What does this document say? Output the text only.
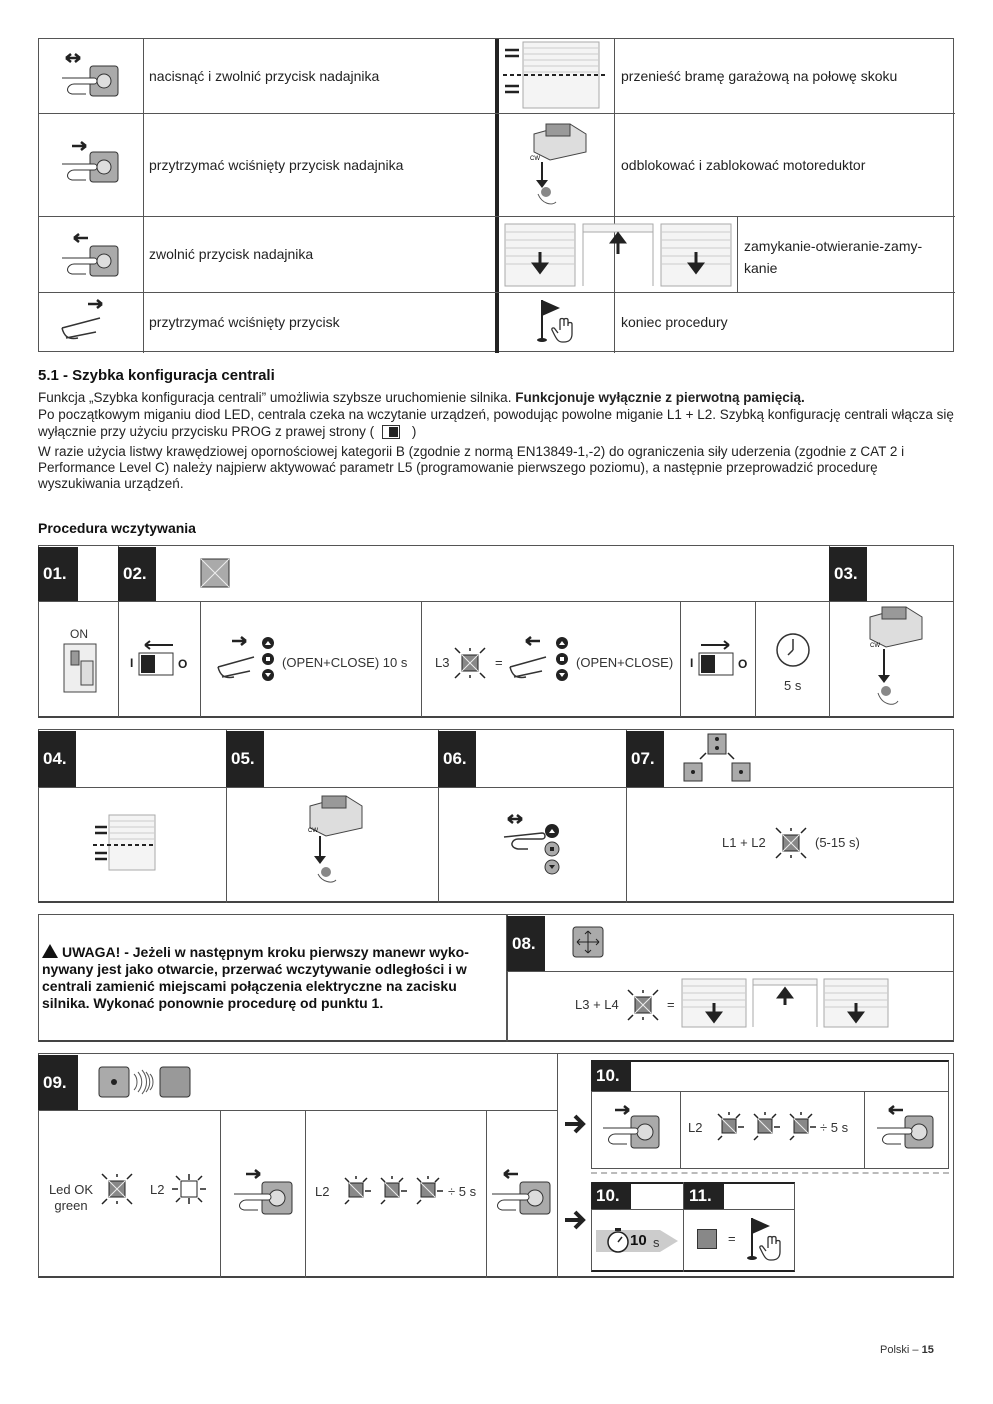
nacisnąć i zwolnić przycisk nadajnika	przenieść bramę garażową na połowę skoku
przytrzymać wciśnięty przycisk nadajnika	CW	odblokować i zablokować motoreduktor
zwolnić przycisk nadajnika	zamykanie-otwieranie-zamy-
kanie
przytrzymać wciśnięty przycisk	koniec procedury
5.1 - Szybka konfiguracja centrali
Funkcja „Szybka konfiguracja centrali” umożliwia szybsze uruchomienie silnika. Funkcjonuje wyłącznie z pierwotną pamięcią.
Po początkowym miganiu diod LED, centrala czeka na wczytanie urządzeń, powodując powolne miganie L1 + L2. Szybką konfigurację centrali włącza się wyłącznie przy użyciu przycisku PROG z prawej strony (	)
W razie użycia listwy krawędziowej opornościowej kategorii B (zgodnie z normą EN13849-1,-2) do ograniczenia siły uderzenia (zgodnie z CAT 2 i Performance Level C) należy najpierw aktywować parametr L5 (programowanie pierwszego poziomu), a następnie przeprowadzić procedurę wyszukiwania urządzeń.
Procedura wczytywania
01.	02.	03.
ON
I	O	(OPEN+CLOSE) 10 s L3	=	(OPEN+CLOSE) I	O
5 s
CW
04.	05.	06.	07.
CW
L1 + L2	(5-15 s)
UWAGA! - Jeżeli w następnym kroku pierwszy manewr wyko-nywany jest jako otwarcie, przerwać wczytywanie odległości i w centrali zamienić miejscami połączenia elektryczne na zacisku silnika. Wykonać ponownie procedurę od punktu 1.
08.
L3 + L4	=
09.
Led OK
green
L2	L2	÷ 5 s
10.
L2	÷ 5 s
10.	11.
10 s	=
Polski – 15
